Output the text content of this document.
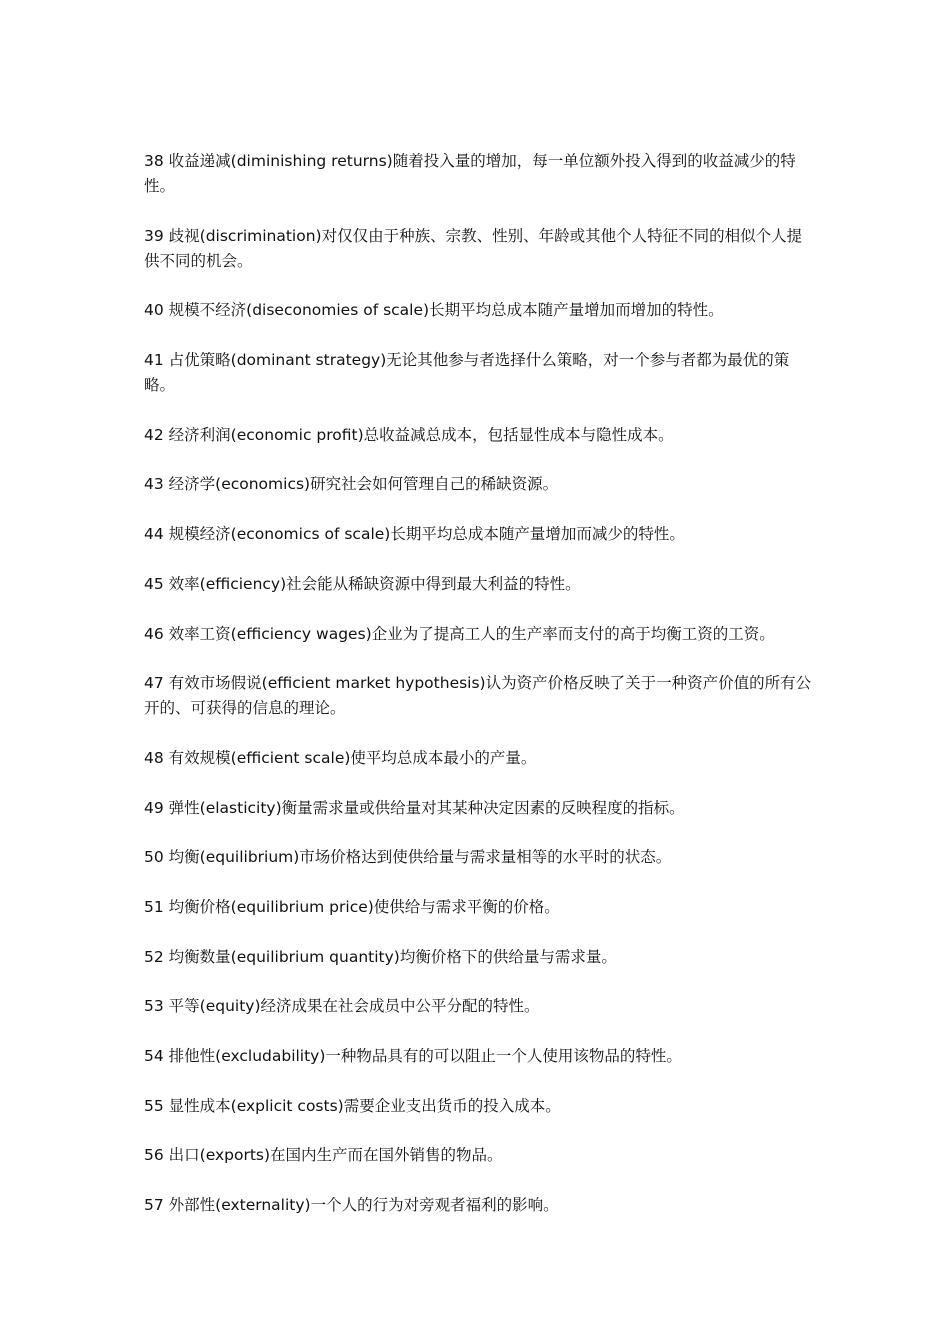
38 收益递减(diminishing returns)随着投入量的增加，每一单位额外投入得到的收益减少的特性。
39 歧视(discrimination)对仅仅由于种族、宗教、性别、年龄或其他个人特征不同的相似个人提供不同的机会。
40 规模不经济(diseconomies of scale)长期平均总成本随产量增加而增加的特性。
41 占优策略(dominant strategy)无论其他参与者选择什么策略，对一个参与者都为最优的策略。
42 经济利润(economic profit)总收益减总成本，包括显性成本与隐性成本。
43 经济学(economics)研究社会如何管理自己的稀缺资源。
44 规模经济(economics of scale)长期平均总成本随产量增加而减少的特性。
45 效率(efficiency)社会能从稀缺资源中得到最大利益的特性。
46 效率工资(efficiency wages)企业为了提高工人的生产率而支付的高于均衡工资的工资。
47 有效市场假说(efficient market hypothesis)认为资产价格反映了关于一种资产价值的所有公开的、可获得的信息的理论。
48 有效规模(efficient scale)使平均总成本最小的产量。
49 弹性(elasticity)衡量需求量或供给量对其某种决定因素的反映程度的指标。
50 均衡(equilibrium)市场价格达到使供给量与需求量相等的水平时的状态。
51 均衡价格(equilibrium price)使供给与需求平衡的价格。
52 均衡数量(equilibrium quantity)均衡价格下的供给量与需求量。
53 平等(equity)经济成果在社会成员中公平分配的特性。
54 排他性(excludability)一种物品具有的可以阻止一个人使用该物品的特性。
55 显性成本(explicit costs)需要企业支出货币的投入成本。
56 出口(exports)在国内生产而在国外销售的物品。
57 外部性(externality)一个人的行为对旁观者福利的影响。
